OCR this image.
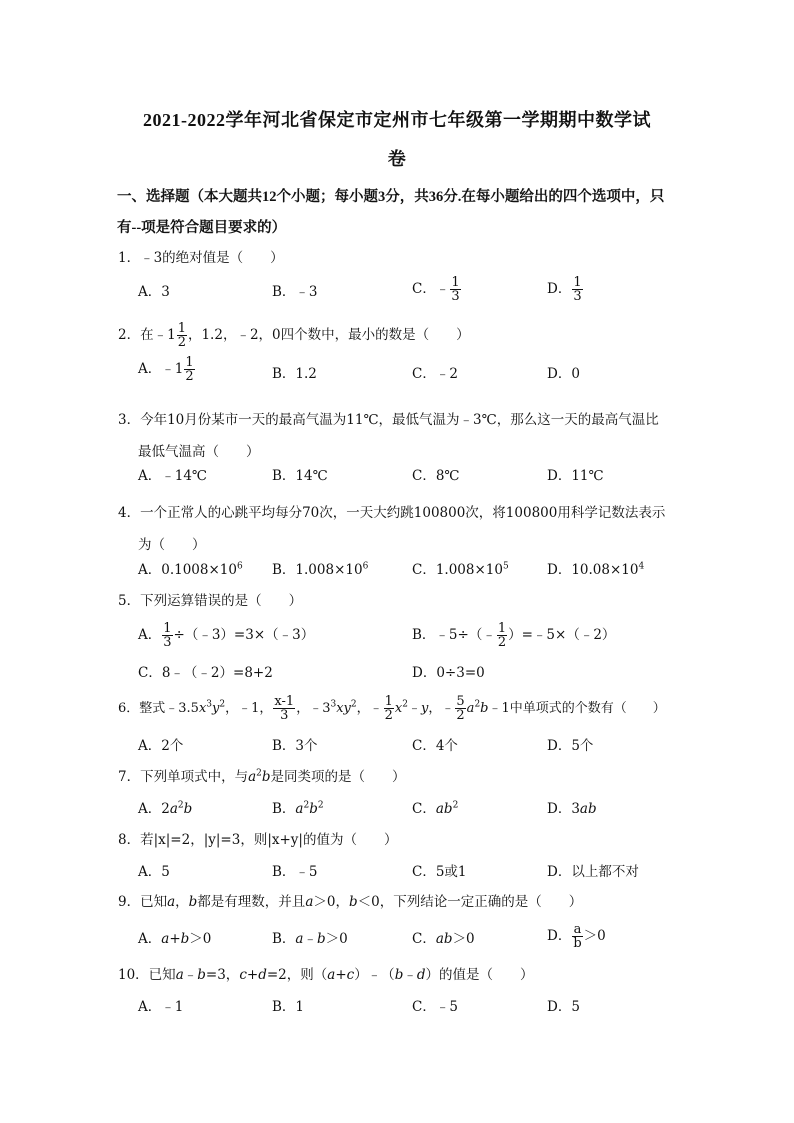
2021-2022学年河北省保定市定州市七年级第一学期期中数学试
卷
一、选择题（本大题共12个小题；每小题3分，共36分.在每小题给出的四个选项中，只
有--项是符合题目要求的）
1．﹣3的绝对值是（　　）
A．3	B．﹣3	C．﹣ $\frac{1}{3}$	D． $\frac{1}{3}$
2．在﹣1 $\frac{1}{2}$ ，1.2，﹣2，0四个数中，最小的数是（　　）
A．﹣1 $\frac{1}{2}$	B．1.2	C．﹣2	D．0
3．今年10月份某市一天的最高气温为11℃，最低气温为﹣3℃，那么这一天的最高气温比
最低气温高（　　）
A．﹣14℃	B．14℃	C．8℃	D．11℃
4．一个正常人的心跳平均每分70次，一天大约跳100800次，将100800用科学记数法表示
为（　　）
A．$0.1008\times 10^6$ B．$1.008\times 10^6$	C．$1.008\times 10^5$	D．$10.08\times 10^4$
5．下列运算错误的是（　　）
A． $\frac{1}{3}$ ÷（﹣3）=3×（﹣3）	B．﹣5÷（﹣ $\frac{1}{2}$ ）=﹣5×（﹣2）
C．8﹣（﹣2）=8+2	D．0÷3=0
6．整式$﹣3.5x^3y^2$，﹣1， $\frac{x-1}{3}$ ，$﹣3^3xy^2$，﹣ $\frac{1}{2}$ $x^2﹣y$，﹣ $\frac{5}{2}$ $a^2b﹣1$中单项式的个数有（　　）
A．2个	B．3个	C．4个	D．5个
7．下列单项式中，与$a^2b$是同类项的是（　　）
A．$2a^2b$	B．$a^2b^2$	C．$ab^2$	D．3ab
8．若|x|=2，|y|=3，则|x+y|的值为（　　）
A．5	B．﹣5	C．5或1	D．以上都不对
9．已知a，b都是有理数，并且a＞0，b＜0，下列结论一定正确的是（　　）
A．a+b＞0	B．a﹣b＞0	C．ab＞0	D． $\frac{a}{b} >0$
10．已知a﹣b=3，c+d=2，则（a+c）﹣（b﹣d）的值是（　　）
A．﹣1	B．1	C．﹣5	D．5
